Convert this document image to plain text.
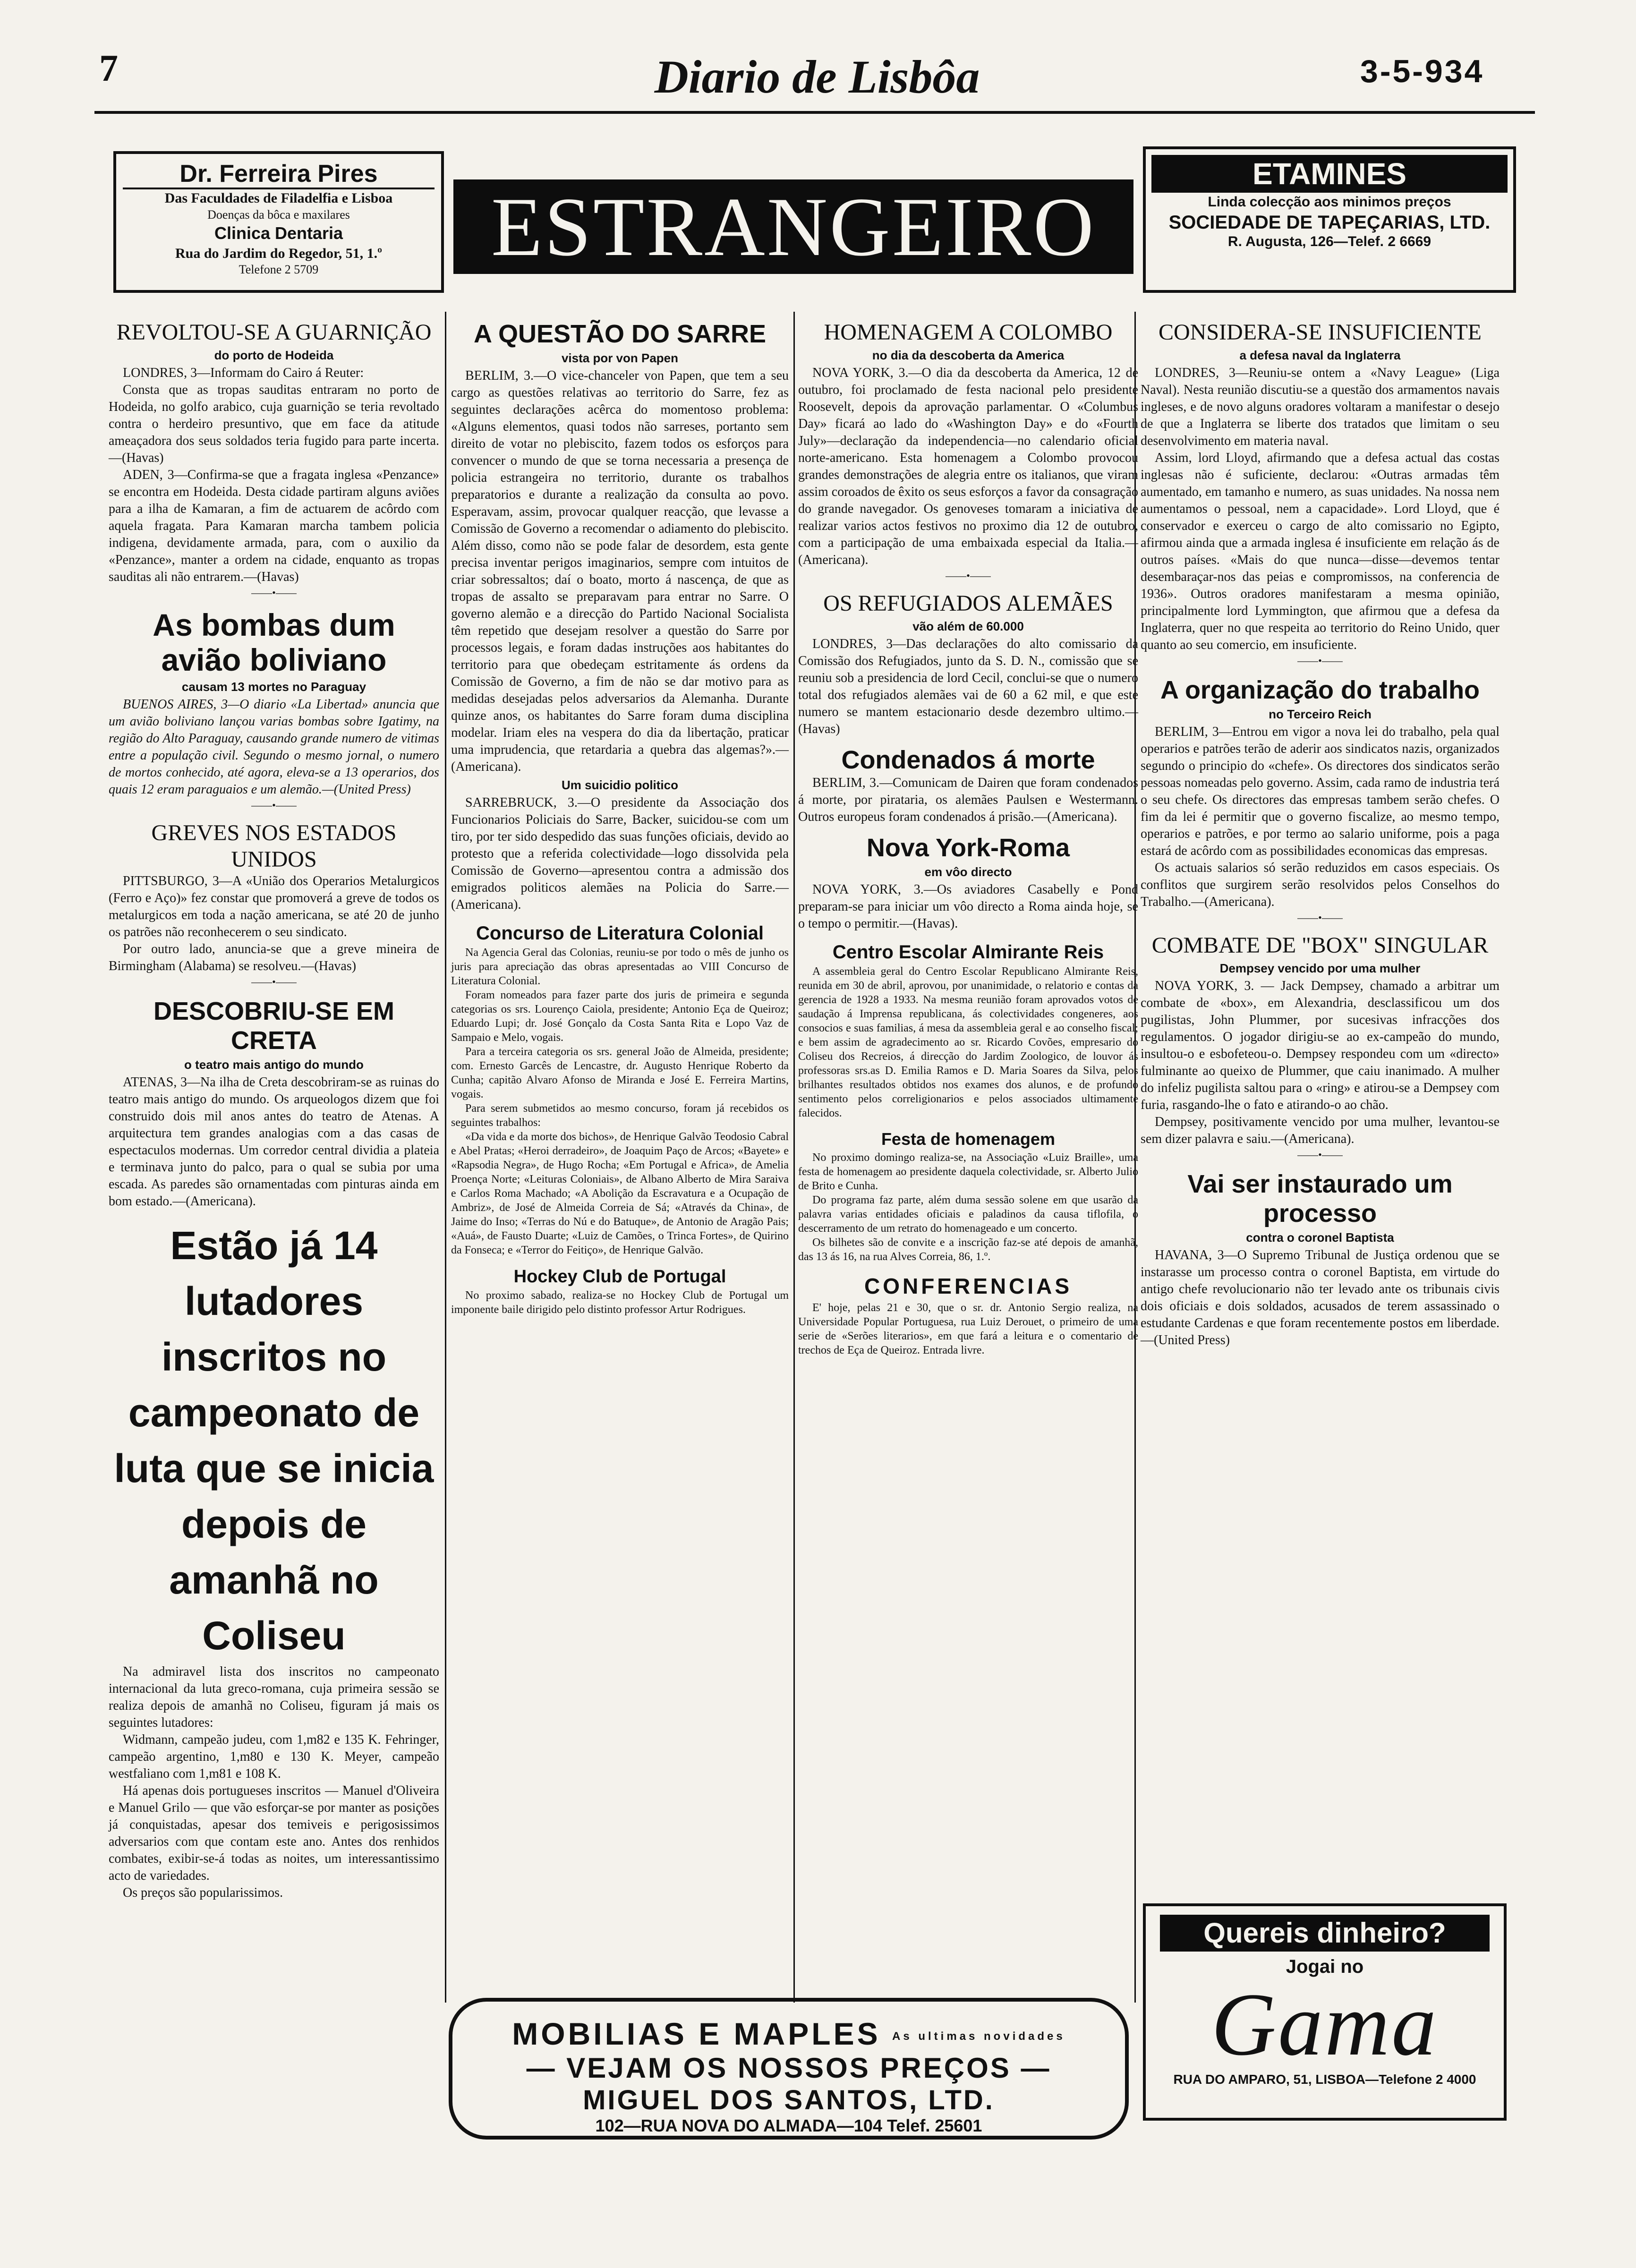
7	Diario de Lisbôa	3-5-934
Dr. Ferreira Pires
Das Faculdades de Filadelfia e Lisboa
Doenças da bôca e maxilares
Clinica Dentaria
Rua do Jardim do Regedor, 51, 1.º
Telefone 2 5709	ESTRANGEIRO
ETAMINES
Linda colecção aos minimos preços
SOCIEDADE DE TAPEÇARIAS, LTD.
R. Augusta, 126—Telef. 2 6669
REVOLTOU-SE A GUARNIÇÃO
do porto de Hodeida

LONDRES, 3—Informam do Cairo á Reuter:

Consta que as tropas sauditas entraram no porto de Hodeida, no golfo arabico, cuja guarnição se teria revoltado contra o herdeiro presuntivo, que em face da atitude ameaçadora dos seus soldados teria fugido para parte incerta.—(Havas)

ADEN, 3—Confirma-se que a fragata inglesa «Penzance» se encontra em Hodeida. Desta cidade partiram alguns aviões para a ilha de Kamaran, a fim de actuarem de acôrdo com aquela fragata. Para Kamaran marcha tambem policia indigena, devidamente armada, para, com o auxilio da «Penzance», manter a ordem na cidade, enquanto as tropas sauditas ali não entrarem.—(Havas)

——•——
As bombas dum avião boliviano
causam 13 mortes no Paraguay

BUENOS AIRES, 3—O diario «La Libertad» anuncia que um avião boliviano lançou varias bombas sobre Igatimy, na região do Alto Paraguay, causando grande numero de vitimas entre a população civil. Segundo o mesmo jornal, o numero de mortos conhecido, até agora, eleva-se a 13 operarios, dos quais 12 eram paraguaios e um alemão.—(United Press)

——•——
GREVES NOS ESTADOS UNIDOS

PITTSBURGO, 3—A «União dos Operarios Metalurgicos (Ferro e Aço)» fez constar que promoverá a greve de todos os metalurgicos em toda a nação americana, se até 20 de junho os patrões não reconhecerem o seu sindicato.

Por outro lado, anuncia-se que a greve mineira de Birmingham (Alabama) se resolveu.—(Havas)

——•——
DESCOBRIU-SE EM CRETA
o teatro mais antigo do mundo

ATENAS, 3—Na ilha de Creta descobriram-se as ruinas do teatro mais antigo do mundo. Os arqueologos dizem que foi construido dois mil anos antes do teatro de Atenas. A arquitectura tem grandes analogias com a das casas de espectaculos modernas. Um corredor central dividia a plateia e terminava junto do palco, para o qual se subia por uma escada. As paredes são ornamentadas com pinturas ainda em bom estado.—(Americana).

Estão já 14 lutadores inscritos no campeonato de luta que se inicia depois de amanhã no Coliseu

Na admiravel lista dos inscritos no campeonato internacional da luta greco-romana, cuja primeira sessão se realiza depois de amanhã no Coliseu, figuram já mais os seguintes lutadores:

Widmann, campeão judeu, com 1,m82 e 135 K. Fehringer, campeão argentino, 1,m80 e 130 K. Meyer, campeão westfaliano com 1,m81 e 108 K.

Há apenas dois portugueses inscritos — Manuel d'Oliveira e Manuel Grilo — que vão esforçar-se por manter as posições já conquistadas, apesar dos temiveis e perigosissimos adversarios com que contam este ano. Antes dos renhidos combates, exibir-se-á todas as noites, um interessantissimo acto de variedades.

Os preços são popularissimos.

A QUESTÃO DO SARRE
vista por von Papen

BERLIM, 3.—O vice-chanceler von Papen, que tem a seu cargo as questões relativas ao territorio do Sarre, fez as seguintes declarações acêrca do momentoso problema: «Alguns elementos, quasi todos não sarreses, portanto sem direito de votar no plebiscito, fazem todos os esforços para convencer o mundo de que se torna necessaria a presença de policia estrangeira no territorio, durante os trabalhos preparatorios e durante a realização da consulta ao povo. Esperavam, assim, provocar qualquer reacção, que levasse a Comissão de Governo a recomendar o adiamento do plebiscito. Além disso, como não se pode falar de desordem, esta gente precisa inventar perigos imaginarios, sempre com intuitos de criar sobressaltos; daí o boato, morto á nascença, de que as tropas de assalto se preparavam para entrar no Sarre. O governo alemão e a direcção do Partido Nacional Socialista têm repetido que desejam resolver a questão do Sarre por processos legais, e foram dadas instruções aos habitantes do territorio para que obedeçam estritamente ás ordens da Comissão de Governo, a fim de não se dar motivo para as medidas desejadas pelos adversarios da Alemanha. Durante quinze anos, os habitantes do Sarre foram duma disciplina modelar. Iriam eles na vespera do dia da libertação, praticar uma imprudencia, que retardaria a quebra das algemas?».—(Americana).

Um suicidio politico

SARREBRUCK, 3.—O presidente da Associação dos Funcionarios Policiais do Sarre, Backer, suicidou-se com um tiro, por ter sido despedido das suas funções oficiais, devido ao protesto que a referida colectividade—logo dissolvida pela Comissão de Governo—apresentou contra a admissão dos emigrados politicos alemães na Policia do Sarre.—(Americana).

Concurso de Literatura Colonial

Na Agencia Geral das Colonias, reuniu-se por todo o mês de junho os juris para apreciação das obras apresentadas ao VIII Concurso de Literatura Colonial.

Foram nomeados para fazer parte dos juris de primeira e segunda categorias os srs. Lourenço Caiola, presidente; Antonio Eça de Queiroz; Eduardo Lupi; dr. José Gonçalo da Costa Santa Rita e Lopo Vaz de Sampaio e Melo, vogais.

Para a terceira categoria os srs. general João de Almeida, presidente; com. Ernesto Garcês de Lencastre, dr. Augusto Henrique Roberto da Cunha; capitão Alvaro Afonso de Miranda e José E. Ferreira Martins, vogais.

Para serem submetidos ao mesmo concurso, foram já recebidos os seguintes trabalhos:

«Da vida e da morte dos bichos», de Henrique Galvão Teodosio Cabral e Abel Pratas; «Heroi derradeiro», de Joaquim Paço de Arcos; «Bayete» e «Rapsodia Negra», de Hugo Rocha; «Em Portugal e Africa», de Amelia Proença Norte; «Leituras Coloniais», de Albano Alberto de Mira Saraiva e Carlos Roma Machado; «A Abolição da Escravatura e a Ocupação de Ambriz», de José de Almeida Correia de Sá; «Através da China», de Jaime do Inso; «Terras do Nú e do Batuque», de Antonio de Aragão Pais; «Auá», de Fausto Duarte; «Luiz de Camões, o Trinca Fortes», de Quirino da Fonseca; e «Terror do Feitiço», de Henrique Galvão.

Hockey Club de Portugal

No proximo sabado, realiza-se no Hockey Club de Portugal um imponente baile dirigido pelo distinto professor Artur Rodrigues.

HOMENAGEM A COLOMBO
no dia da descoberta da America

NOVA YORK, 3.—O dia da descoberta da America, 12 de outubro, foi proclamado de festa nacional pelo presidente Roosevelt, depois da aprovação parlamentar. O «Columbus Day» ficará ao lado do «Washington Day» e do «Fourth July»—declaração da independencia—no calendario oficial norte-americano. Esta homenagem a Colombo provocou grandes demonstrações de alegria entre os italianos, que viram assim coroados de êxito os seus esforços a favor da consagração do grande navegador. Os genoveses tomaram a iniciativa de realizar varios actos festivos no proximo dia 12 de outubro, com a participação de uma embaixada especial da Italia.—(Americana).

——•——
OS REFUGIADOS ALEMÃES
vão além de 60.000

LONDRES, 3—Das declarações do alto comissario da Comissão dos Refugiados, junto da S. D. N., comissão que se reuniu sob a presidencia de lord Cecil, conclui-se que o numero total dos refugiados alemães vai de 60 a 62 mil, e que este numero se mantem estacionario desde dezembro ultimo.—(Havas)

Condenados á morte

BERLIM, 3.—Comunicam de Dairen que foram condenados á morte, por pirataria, os alemães Paulsen e Westermann. Outros europeus foram condenados á prisão.—(Americana).

Nova York-Roma
em vôo directo

NOVA YORK, 3.—Os aviadores Casabelly e Pond preparam-se para iniciar um vôo directo a Roma ainda hoje, se o tempo o permitir.—(Havas).

Centro Escolar Almirante Reis

A assembleia geral do Centro Escolar Republicano Almirante Reis, reunida em 30 de abril, aprovou, por unanimidade, o relatorio e contas da gerencia de 1928 a 1933. Na mesma reunião foram aprovados votos de saudação á Imprensa republicana, ás colectividades congeneres, aos consocios e suas familias, á mesa da assembleia geral e ao conselho fiscal; e bem assim de agradecimento ao sr. Ricardo Covões, empresario do Coliseu dos Recreios, á direcção do Jardim Zoologico, de louvor ás professoras srs.as D. Emilia Ramos e D. Maria Soares da Silva, pelos brilhantes resultados obtidos nos exames dos alunos, e de profundo sentimento pelos correligionarios e pelos associados ultimamente falecidos.

Festa de homenagem

No proximo domingo realiza-se, na Associação «Luiz Braille», uma festa de homenagem ao presidente daquela colectividade, sr. Alberto Julio de Brito e Cunha.

Do programa faz parte, além duma sessão solene em que usarão da palavra varias entidades oficiais e paladinos da causa tiflofila, o descerramento de um retrato do homenageado e um concerto.

Os bilhetes são de convite e a inscrição faz-se até depois de amanhã, das 13 ás 16, na rua Alves Correia, 86, 1.º.

CONFERENCIAS

E' hoje, pelas 21 e 30, que o sr. dr. Antonio Sergio realiza, na Universidade Popular Portuguesa, rua Luiz Derouet, o primeiro de uma serie de «Serões literarios», em que fará a leitura e o comentario de trechos de Eça de Queiroz. Entrada livre.

CONSIDERA-SE INSUFICIENTE
a defesa naval da Inglaterra

LONDRES, 3—Reuniu-se ontem a «Navy League» (Liga Naval). Nesta reunião discutiu-se a questão dos armamentos navais ingleses, e de novo alguns oradores voltaram a manifestar o desejo de que a Inglaterra se liberte dos tratados que limitam o seu desenvolvimento em materia naval.

Assim, lord Lloyd, afirmando que a defesa actual das costas inglesas não é suficiente, declarou: «Outras armadas têm aumentado, em tamanho e numero, as suas unidades. Na nossa nem aumentamos o pessoal, nem a capacidade». Lord Lloyd, que é conservador e exerceu o cargo de alto comissario no Egipto, afirmou ainda que a armada inglesa é insuficiente em relação ás de outros países. «Mais do que nunca—disse—devemos tentar desembaraçar-nos das peias e compromissos, na conferencia de 1936». Outros oradores manifestaram a mesma opinião, principalmente lord Lymmington, que afirmou que a defesa da Inglaterra, quer no que respeita ao territorio do Reino Unido, quer quanto ao seu comercio, em insuficiente.

——•——
A organização do trabalho
no Terceiro Reich

BERLIM, 3—Entrou em vigor a nova lei do trabalho, pela qual operarios e patrões terão de aderir aos sindicatos nazis, organizados segundo o principio do «chefe». Os directores dos sindicatos serão pessoas nomeadas pelo governo. Assim, cada ramo de industria terá o seu chefe. Os directores das empresas tambem serão chefes. O fim da lei é permitir que o governo fiscalize, ao mesmo tempo, operarios e patrões, e por termo ao salario uniforme, pois a paga estará de acôrdo com as possibilidades economicas das empresas.

Os actuais salarios só serão reduzidos em casos especiais. Os conflitos que surgirem serão resolvidos pelos Conselhos do Trabalho.—(Americana).

——•——
COMBATE DE "BOX" SINGULAR
Dempsey vencido por uma mulher

NOVA YORK, 3. — Jack Dempsey, chamado a arbitrar um combate de «box», em Alexandria, desclassificou um dos pugilistas, John Plummer, por sucesivas infracções dos regulamentos. O jogador dirigiu-se ao ex-campeão do mundo, insultou-o e esbofeteou-o. Dempsey respondeu com um «directo» fulminante ao queixo de Plummer, que caiu inanimado. A mulher do infeliz pugilista saltou para o «ring» e atirou-se a Dempsey com furia, rasgando-lhe o fato e atirando-o ao chão.

Dempsey, positivamente vencido por uma mulher, levantou-se sem dizer palavra e saiu.—(Americana).

——•——
Vai ser instaurado um processo
contra o coronel Baptista

HAVANA, 3—O Supremo Tribunal de Justiça ordenou que se instarasse um processo contra o coronel Baptista, em virtude do antigo chefe revolucionario não ter levado ante os tribunais civis dois oficiais e dois soldados, acusados de terem assassinado o estudante Cardenas e que foram recentemente postos em liberdade.—(United Press)

MOBILIAS E MAPLES As ultimas novidades
— VEJAM OS NOSSOS PREÇOS —
MIGUEL DOS SANTOS, LTD.
102—RUA NOVA DO ALMADA—104 Telef. 25601
Quereis dinheiro?
Jogai no
Gama
RUA DO AMPARO, 51, LISBOA—Telefone 2 4000
